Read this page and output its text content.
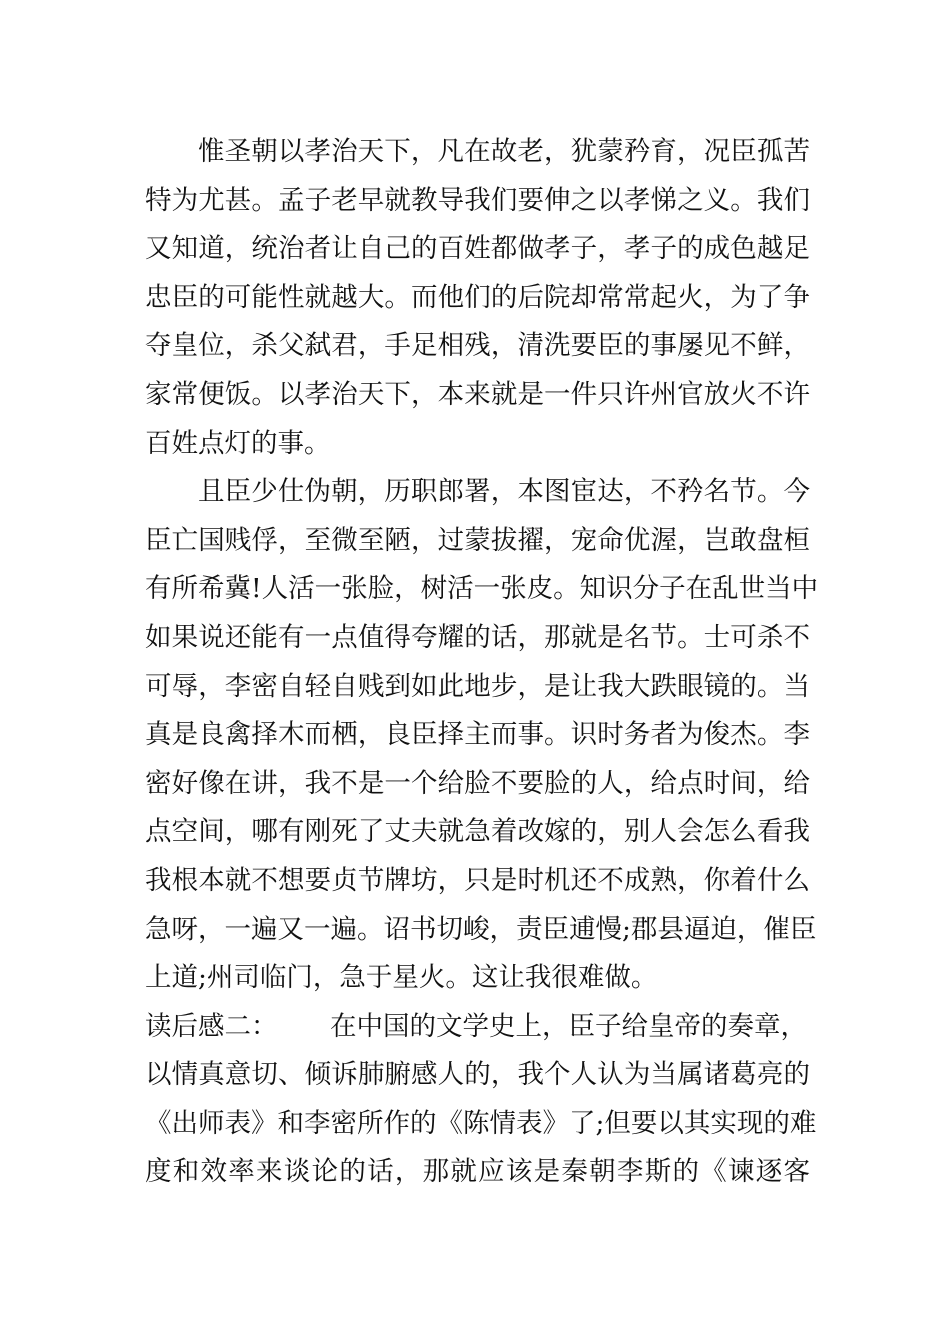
惟圣朝以孝治天下，凡在故老，犹蒙矜育，况臣孤苦
特为尤甚。孟子老早就教导我们要伸之以孝悌之义。我们
又知道，统治者让自己的百姓都做孝子，孝子的成色越足
忠臣的可能性就越大。而他们的后院却常常起火，为了争
夺皇位，杀父弑君，手足相残，清洗要臣的事屡见不鲜，
家常便饭。以孝治天下，本来就是一件只许州官放火不许
百姓点灯的事。
且臣少仕伪朝，历职郎署，本图宦达，不矜名节。今
臣亡国贱俘，至微至陋，过蒙拔擢，宠命优渥，岂敢盘桓
有所希冀!人活一张脸，树活一张皮。知识分子在乱世当中
如果说还能有一点值得夸耀的话，那就是名节。士可杀不
可辱，李密自轻自贱到如此地步，是让我大跌眼镜的。当
真是良禽择木而栖，良臣择主而事。识时务者为俊杰。李
密好像在讲，我不是一个给脸不要脸的人，给点时间，给
点空间，哪有刚死了丈夫就急着改嫁的，别人会怎么看我
我根本就不想要贞节牌坊，只是时机还不成熟，你着什么
急呀，一遍又一遍。诏书切峻，责臣逋慢;郡县逼迫，催臣
上道;州司临门，急于星火。这让我很难做。
读后感二： 在中国的文学史上，臣子给皇帝的奏章，
以情真意切、倾诉肺腑感人的，我个人认为当属诸葛亮的
《出师表》和李密所作的《陈情表》了;但要以其实现的难
度和效率来谈论的话，那就应该是秦朝李斯的《谏逐客
